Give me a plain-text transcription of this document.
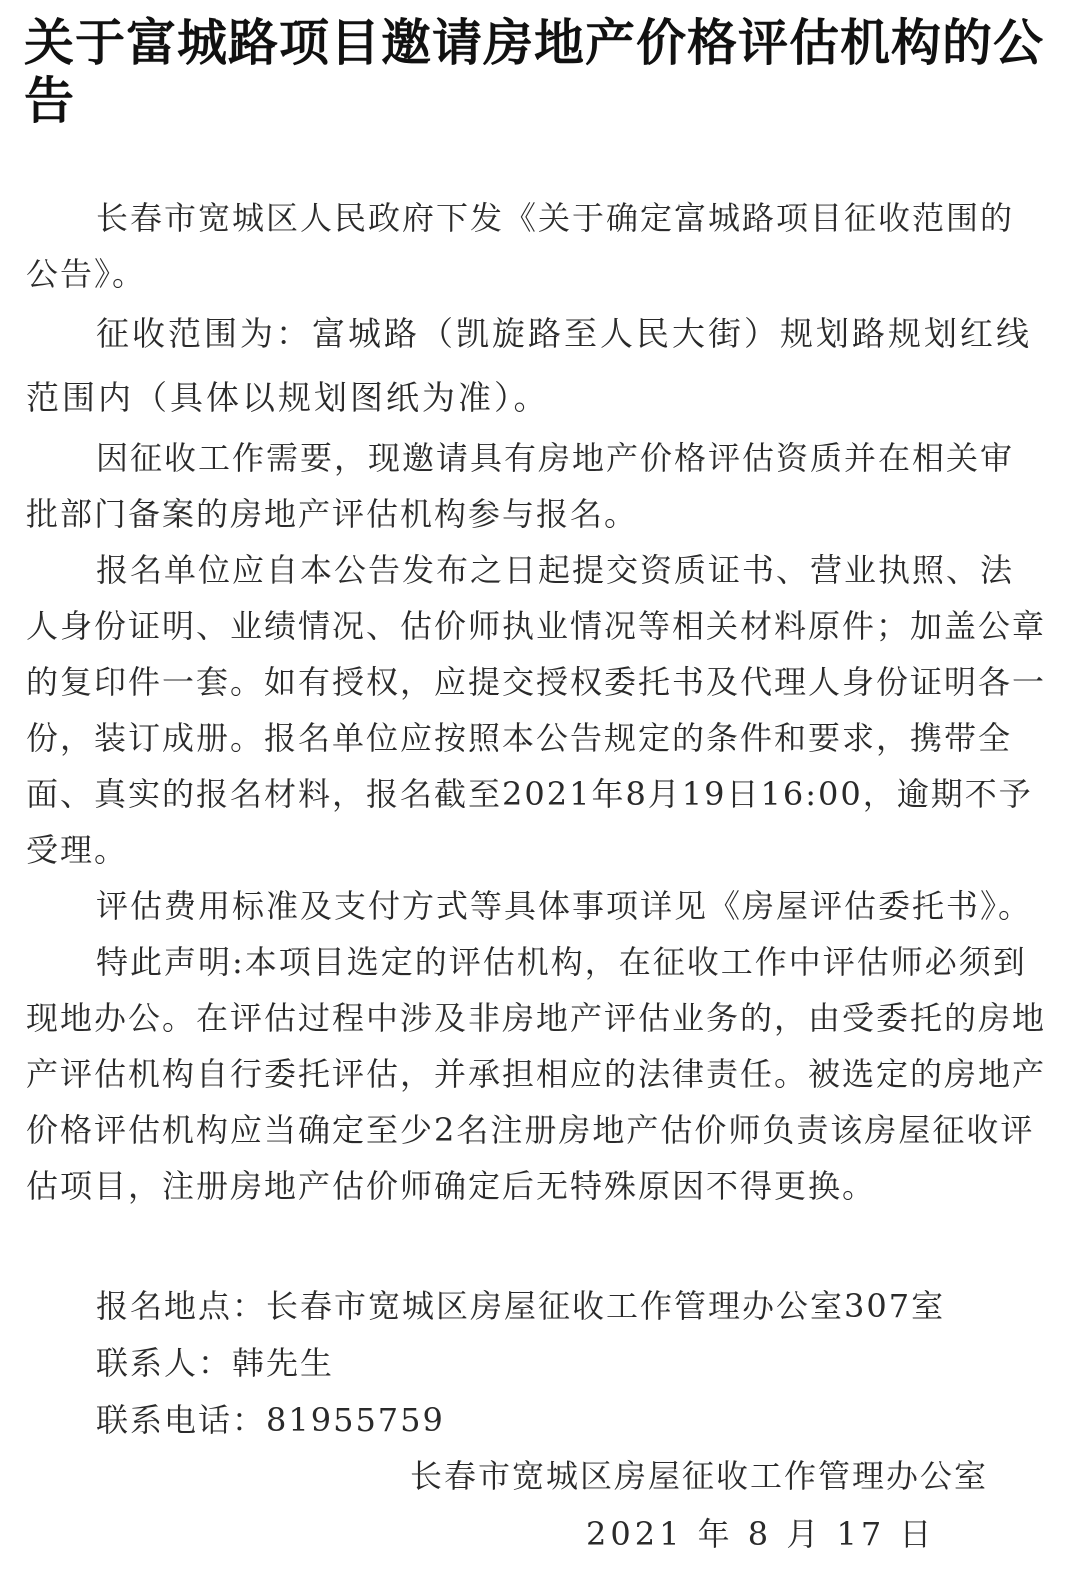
关于富城路项目邀请房地产价格评估机构的公告

长春市宽城区人民政府下发《关于确定富城路项目征收范围的公告》。

征收范围为：富城路（凯旋路至人民大街）规划路规划红线范围内（具体以规划图纸为准）。

因征收工作需要，现邀请具有房地产价格评估资质并在相关审批部门备案的房地产评估机构参与报名。

报名单位应自本公告发布之日起提交资质证书、营业执照、法人身份证明、业绩情况、估价师执业情况等相关材料原件；加盖公章的复印件一套。如有授权，应提交授权委托书及代理人身份证明各一份，装订成册。报名单位应按照本公告规定的条件和要求，携带全面、真实的报名材料，报名截至2021年8月19日16:00，逾期不予受理。

评估费用标准及支付方式等具体事项详见《房屋评估委托书》。

特此声明:本项目选定的评估机构，在征收工作中评估师必须到现地办公。在评估过程中涉及非房地产评估业务的，由受委托的房地产评估机构自行委托评估，并承担相应的法律责任。被选定的房地产价格评估机构应当确定至少2名注册房地产估价师负责该房屋征收评估项目，注册房地产估价师确定后无特殊原因不得更换。

报名地点：长春市宽城区房屋征收工作管理办公室307室

联系人：韩先生

联系电话：81955759

长春市宽城区房屋征收工作管理办公室
2021 年 8 月 17 日
